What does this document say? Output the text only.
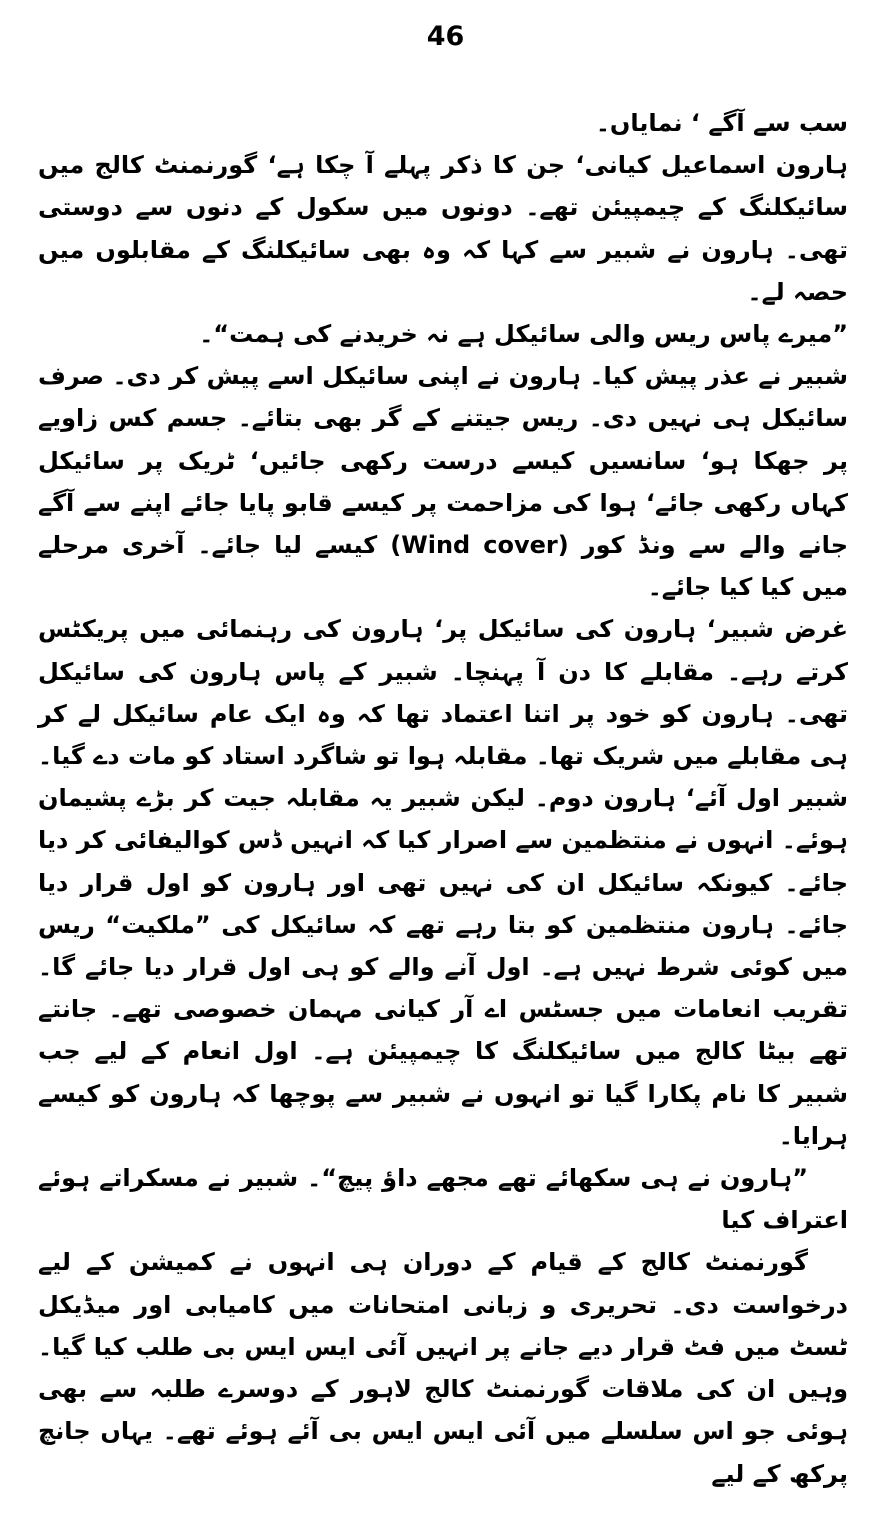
46

سب سے آگے ‘ نمایاں۔

ہارون اسماعیل کیانی‘ جن کا ذکر پہلے آ چکا ہے‘ گورنمنٹ کالج میں سائیکلنگ کے چیمپیئن تھے۔ دونوں میں سکول کے دنوں سے دوستی تھی۔ ہارون نے شبیر سے کہا کہ وہ بھی سائیکلنگ کے مقابلوں میں حصہ لے۔

”میرے پاس ریس والی سائیکل ہے نہ خریدنے کی ہمت“۔

شبیر نے عذر پیش کیا۔ ہارون نے اپنی سائیکل اسے پیش کر دی۔ صرف سائیکل ہی نہیں دی۔ ریس جیتنے کے گر بھی بتائے۔ جسم کس زاویے پر جھکا ہو‘ سانسیں کیسے درست رکھی جائیں‘ ٹریک پر سائیکل کہاں رکھی جائے‘ ہوا کی مزاحمت پر کیسے قابو پایا جائے اپنے سے آگے جانے والے سے ونڈ کور (Wind cover) کیسے لیا جائے۔ آخری مرحلے میں کیا کیا جائے۔

غرض شبیر‘ ہارون کی سائیکل پر‘ ہارون کی رہنمائی میں پریکٹس کرتے رہے۔ مقابلے کا دن آ پہنچا۔ شبیر کے پاس ہارون کی سائیکل تھی۔ ہارون کو خود پر اتنا اعتماد تھا کہ وہ ایک عام سائیکل لے کر ہی مقابلے میں شریک تھا۔ مقابلہ ہوا تو شاگرد استاد کو مات دے گیا۔ شبیر اول آئے‘ ہارون دوم۔ لیکن شبیر یہ مقابلہ جیت کر بڑے پشیمان ہوئے۔ انہوں نے منتظمین سے اصرار کیا کہ انہیں ڈس کوالیفائی کر دیا جائے۔ کیونکہ سائیکل ان کی نہیں تھی اور ہارون کو اول قرار دیا جائے۔ ہارون منتظمین کو بتا رہے تھے کہ سائیکل کی ”ملکیت“ ریس میں کوئی شرط نہیں ہے۔ اول آنے والے کو ہی اول قرار دیا جائے گا۔ تقریب انعامات میں جسٹس اے آر کیانی مہمان خصوصی تھے۔ جانتے تھے بیٹا کالج میں سائیکلنگ کا چیمپیئن ہے۔ اول انعام کے لیے جب شبیر کا نام پکارا گیا تو انہوں نے شبیر سے پوچھا کہ ہارون کو کیسے ہرایا۔

”ہارون نے ہی سکھائے تھے مجھے داؤ پیچ“۔ شبیر نے مسکراتے ہوئے اعتراف کیا

گورنمنٹ کالج کے قیام کے دوران ہی انہوں نے کمیشن کے لیے درخواست دی۔ تحریری و زبانی امتحانات میں کامیابی اور میڈیکل ٹسٹ میں فٹ قرار دیے جانے پر انہیں آئی ایس ایس بی طلب کیا گیا۔ وہیں ان کی ملاقات گورنمنٹ کالج لاہور کے دوسرے طلبہ سے بھی ہوئی جو اس سلسلے میں آئی ایس ایس بی آئے ہوئے تھے۔ یہاں جانچ پرکھ کے لیے
